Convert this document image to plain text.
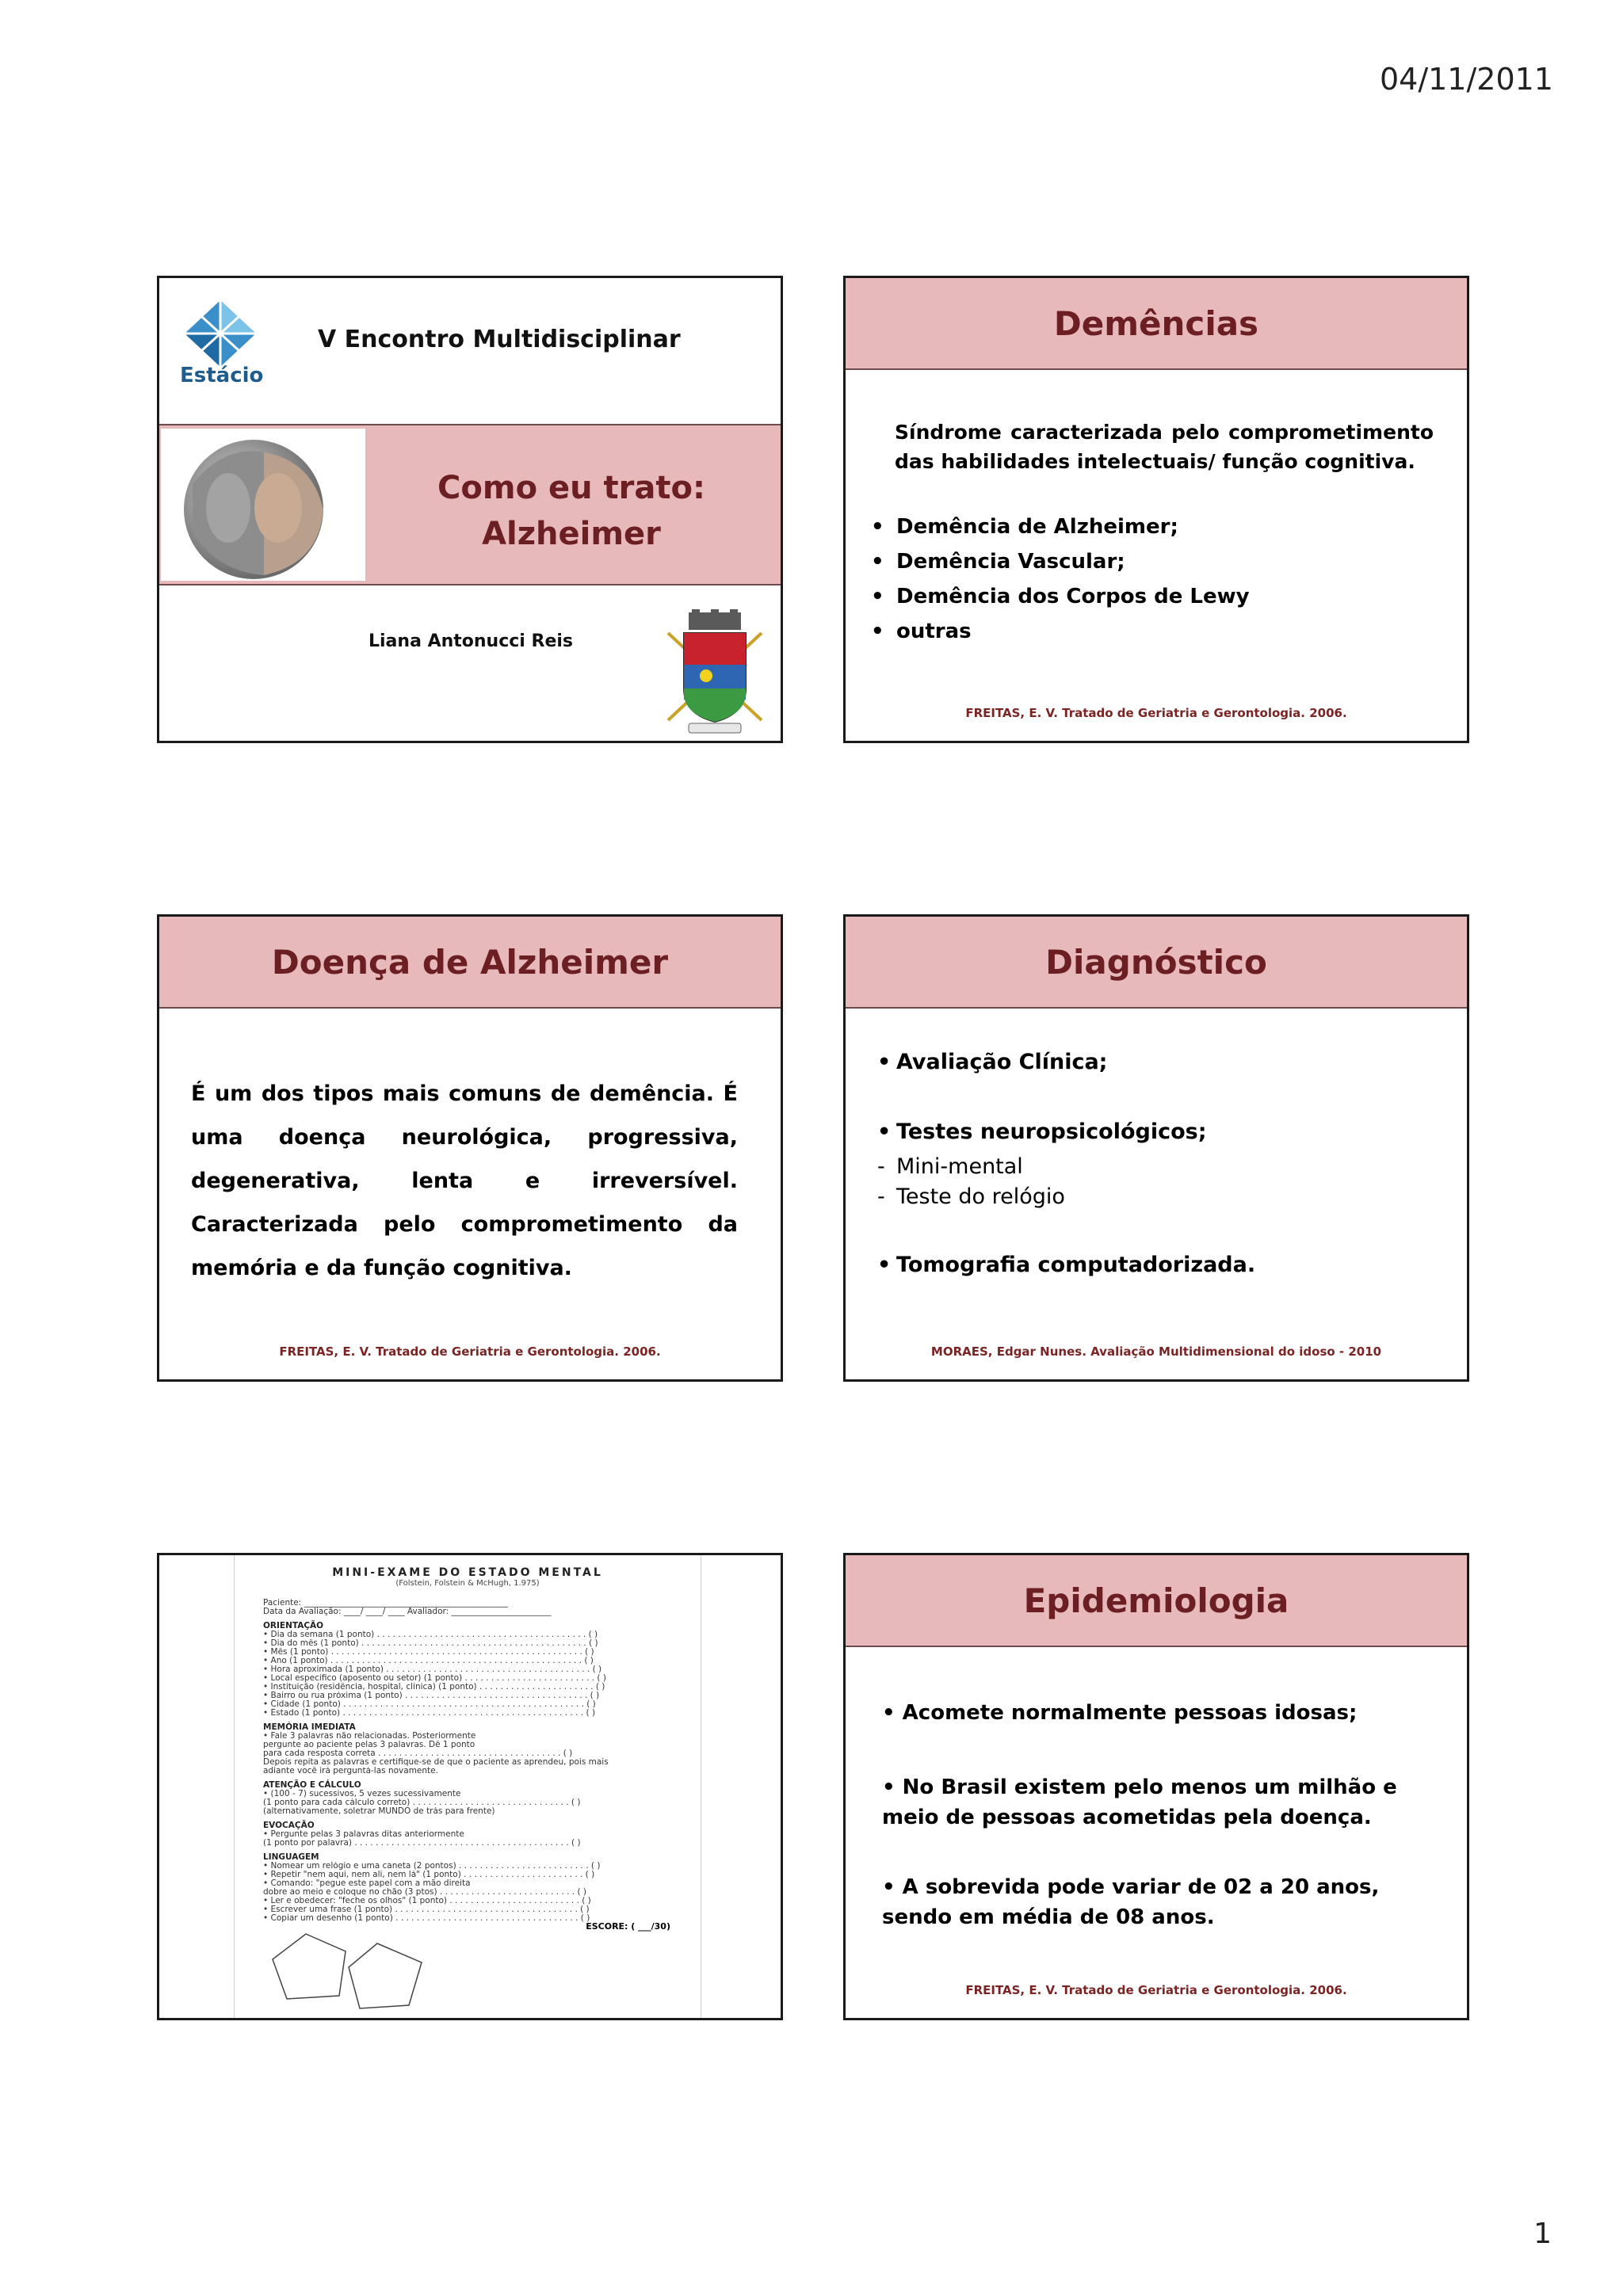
04/11/2011
Estácio
V Encontro Multidisciplinar
Como eu trato:
Alzheimer
Liana Antonucci Reis
Demências
Síndrome caracterizada pelo comprometimento das habilidades intelectuais/ função cognitiva.
• Demência de Alzheimer;
• Demência Vascular;
• Demência dos Corpos de Lewy
• outras
FREITAS, E. V. Tratado de Geriatria e Gerontologia. 2006.
Doença de Alzheimer
É um dos tipos mais comuns de demência. É uma doença neurológica, progressiva, degenerativa, lenta e irreversível. Caracterizada pelo comprometimento da memória e da função cognitiva.
FREITAS, E. V. Tratado de Geriatria e Gerontologia. 2006.
Diagnóstico
• Avaliação Clínica;
• Testes neuropsicológicos;
- Mini-mental
- Teste do relógio
• Tomografia computadorizada.
MORAES, Edgar Nunes. Avaliação Multidimensional do idoso - 2010
MINI-EXAME DO ESTADO MENTAL
(Folstein, Folstein & McHugh, 1.975)
Paciente: _________________________________________________
Data da Avaliação: ____/ ____/ ____ Avaliador: ________________________
ORIENTAÇÃO
• Dia da semana (1 ponto) . . . . . . . . . . . . . . . . . . . . . . . . . . . . . . . . . . . . . . . . ( )
• Dia do mês (1 ponto) . . . . . . . . . . . . . . . . . . . . . . . . . . . . . . . . . . . . . . . . . . . ( )
• Mês (1 ponto) . . . . . . . . . . . . . . . . . . . . . . . . . . . . . . . . . . . . . . . . . . . . . . . . ( )
• Ano (1 ponto) . . . . . . . . . . . . . . . . . . . . . . . . . . . . . . . . . . . . . . . . . . . . . . . . ( )
• Hora aproximada (1 ponto) . . . . . . . . . . . . . . . . . . . . . . . . . . . . . . . . . . . . . . . ( )
• Local específico (aposento ou setor) (1 ponto) . . . . . . . . . . . . . . . . . . . . . . . . . ( )
• Instituição (residência, hospital, clínica) (1 ponto) . . . . . . . . . . . . . . . . . . . . . . ( )
• Bairro ou rua próxima (1 ponto) . . . . . . . . . . . . . . . . . . . . . . . . . . . . . . . . . . . ( )
• Cidade (1 ponto) . . . . . . . . . . . . . . . . . . . . . . . . . . . . . . . . . . . . . . . . . . . . . . ( )
• Estado (1 ponto) . . . . . . . . . . . . . . . . . . . . . . . . . . . . . . . . . . . . . . . . . . . . . . ( )
MEMÓRIA IMEDIATA
• Fale 3 palavras não relacionadas. Posteriormente
pergunte ao paciente pelas 3 palavras. Dê 1 ponto
para cada resposta correta . . . . . . . . . . . . . . . . . . . . . . . . . . . . . . . . . . . ( )
Depois repita as palavras e certifique-se de que o paciente as aprendeu, pois mais
adiante você irá perguntá-las novamente.
ATENÇÃO E CÁLCULO
• (100 - 7) sucessivos, 5 vezes sucessivamente
(1 ponto para cada cálculo correto) . . . . . . . . . . . . . . . . . . . . . . . . . . . . . . ( )
(alternativamente, soletrar MUNDO de trás para frente)
EVOCAÇÃO
• Pergunte pelas 3 palavras ditas anteriormente
(1 ponto por palavra) . . . . . . . . . . . . . . . . . . . . . . . . . . . . . . . . . . . . . . . . . ( )
LINGUAGEM
• Nomear um relógio e uma caneta (2 pontos) . . . . . . . . . . . . . . . . . . . . . . . . . ( )
• Repetir "nem aqui, nem ali, nem lá" (1 ponto) . . . . . . . . . . . . . . . . . . . . . . . ( )
• Comando: "pegue este papel com a mão direita
dobre ao meio e coloque no chão (3 ptos) . . . . . . . . . . . . . . . . . . . . . . . . . . ( )
• Ler e obedecer: "feche os olhos" (1 ponto) . . . . . . . . . . . . . . . . . . . . . . . . . ( )
• Escrever uma frase (1 ponto) . . . . . . . . . . . . . . . . . . . . . . . . . . . . . . . . . . . ( )
• Copiar um desenho (1 ponto) . . . . . . . . . . . . . . . . . . . . . . . . . . . . . . . . . . . ( )
ESCORE: ( ___/30)
Epidemiologia
• Acomete normalmente pessoas idosas;
• No Brasil existem pelo menos um milhão e meio de pessoas acometidas pela doença.
• A sobrevida pode variar de 02 a 20 anos, sendo em média de 08 anos.
FREITAS, E. V. Tratado de Geriatria e Gerontologia. 2006.
1
